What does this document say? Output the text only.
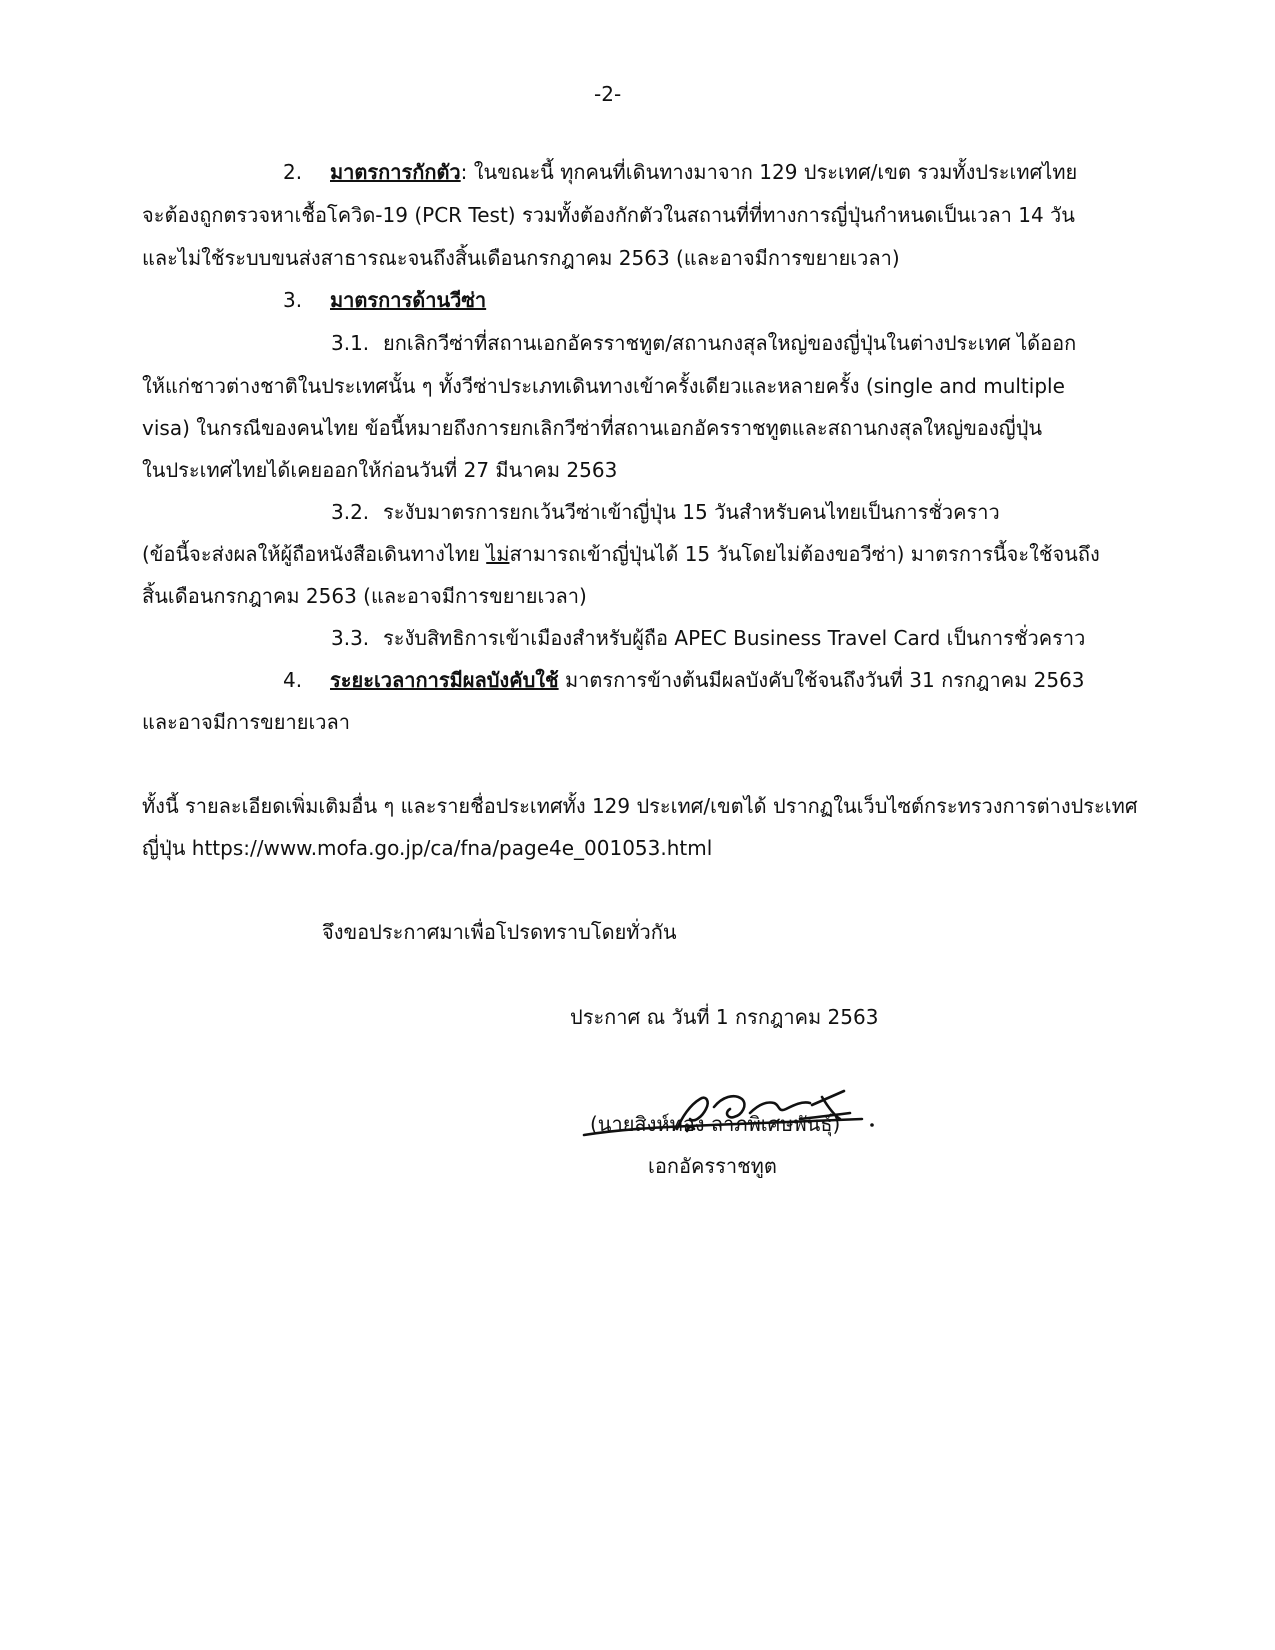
-2-
2. มาตรการกักตัว: ในขณะนี้ ทุกคนที่เดินทางมาจาก 129 ประเทศ/เขต รวมทั้งประเทศไทย
จะต้องถูกตรวจหาเชื้อโควิด-19 (PCR Test) รวมทั้งต้องกักตัวในสถานที่ที่ทางการญี่ปุ่นกำหนดเป็นเวลา 14 วัน
และไม่ใช้ระบบขนส่งสาธารณะจนถึงสิ้นเดือนกรกฎาคม 2563 (และอาจมีการขยายเวลา)
3. มาตรการด้านวีซ่า
3.1. ยกเลิกวีซ่าที่สถานเอกอัครราชทูต/สถานกงสุลใหญ่ของญี่ปุ่นในต่างประเทศ ได้ออก
ให้แก่ชาวต่างชาติในประเทศนั้น ๆ ทั้งวีซ่าประเภทเดินทางเข้าครั้งเดียวและหลายครั้ง (single and multiple
visa) ในกรณีของคนไทย ข้อนี้หมายถึงการยกเลิกวีซ่าที่สถานเอกอัครราชทูตและสถานกงสุลใหญ่ของญี่ปุ่น
ในประเทศไทยได้เคยออกให้ก่อนวันที่ 27 มีนาคม 2563
3.2. ระงับมาตรการยกเว้นวีซ่าเข้าญี่ปุ่น 15 วันสำหรับคนไทยเป็นการชั่วคราว
(ข้อนี้จะส่งผลให้ผู้ถือหนังสือเดินทางไทย ไม่สามารถเข้าญี่ปุ่นได้ 15 วันโดยไม่ต้องขอวีซ่า) มาตรการนี้จะใช้จนถึง
สิ้นเดือนกรกฎาคม 2563 (และอาจมีการขยายเวลา)
3.3. ระงับสิทธิการเข้าเมืองสำหรับผู้ถือ APEC Business Travel Card เป็นการชั่วคราว
4. ระยะเวลาการมีผลบังคับใช้ มาตรการข้างต้นมีผลบังคับใช้จนถึงวันที่ 31 กรกฎาคม 2563
และอาจมีการขยายเวลา
ทั้งนี้ รายละเอียดเพิ่มเติมอื่น ๆ และรายชื่อประเทศทั้ง 129 ประเทศ/เขตได้ ปรากฏในเว็บไซต์กระทรวงการต่างประเทศ
ญี่ปุ่น https://www.mofa.go.jp/ca/fna/page4e_001053.html
จึงขอประกาศมาเพื่อโปรดทราบโดยทั่วกัน
ประกาศ ณ วันที่ 1 กรกฎาคม 2563
(นายสิงห์ทอง ลาภพิเศษพันธุ์)
เอกอัครราชทูต
